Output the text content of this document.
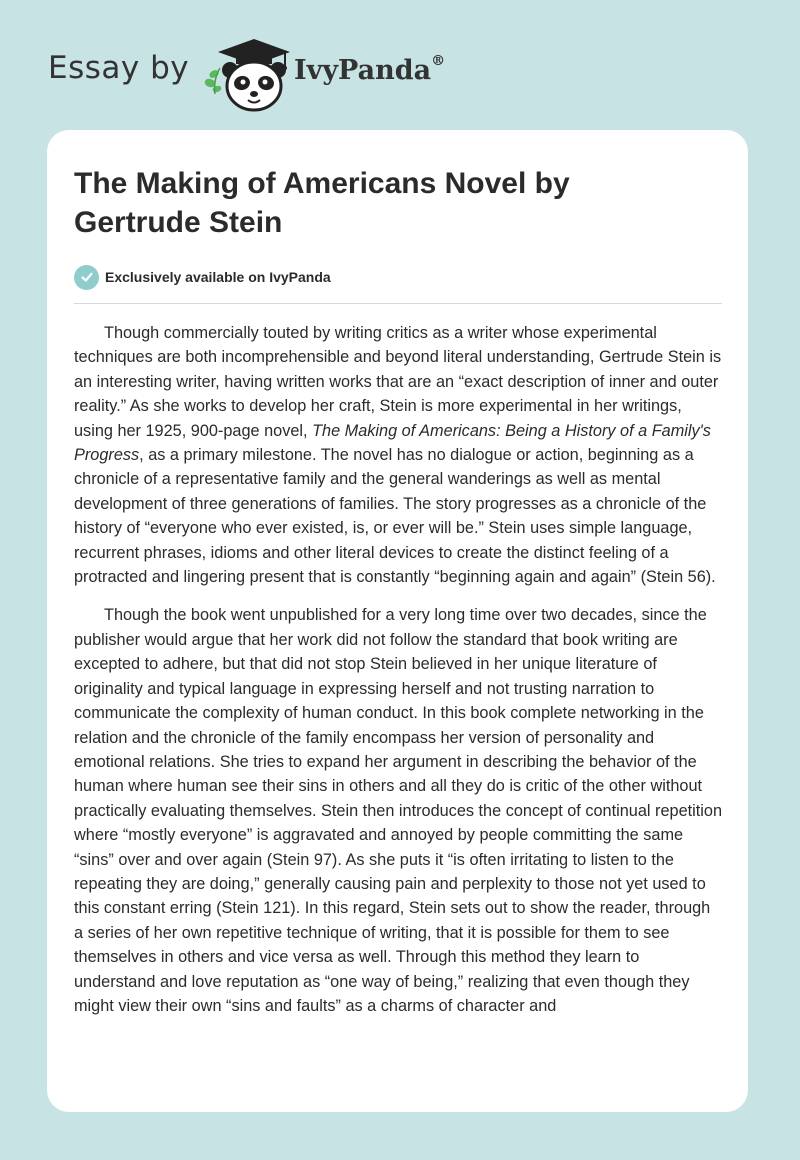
Essay by	IvyPanda®
The Making of Americans Novel by Gertrude Stein
Exclusively available on IvyPanda

Though commercially touted by writing critics as a writer whose experimental techniques are both incomprehensible and beyond literal understanding, Gertrude Stein is an interesting writer, having written works that are an “exact description of inner and outer reality.” As she works to develop her craft, Stein is more experimental in her writings, using her 1925, 900-page novel, The Making of Americans: Being a History of a Family's Progress, as a primary milestone. The novel has no dialogue or action, beginning as a chronicle of a representative family and the general wanderings as well as mental development of three generations of families. The story progresses as a chronicle of the history of “everyone who ever existed, is, or ever will be.” Stein uses simple language, recurrent phrases, idioms and other literal devices to create the distinct feeling of a protracted and lingering present that is constantly “beginning again and again” (Stein 56).

Though the book went unpublished for a very long time over two decades, since the publisher would argue that her work did not follow the standard that book writing are excepted to adhere, but that did not stop Stein believed in her unique literature of originality and typical language in expressing herself and not trusting narration to communicate the complexity of human conduct. In this book complete networking in the relation and the chronicle of the family encompass her version of personality and emotional relations. She tries to expand her argument in describing the behavior of the human where human see their sins in others and all they do is critic of the other without practically evaluating themselves. Stein then introduces the concept of continual repetition where “mostly everyone” is aggravated and annoyed by people committing the same “sins” over and over again (Stein 97). As she puts it “is often irritating to listen to the repeating they are doing,” generally causing pain and perplexity to those not yet used to this constant erring (Stein 121). In this regard, Stein sets out to show the reader, through a series of her own repetitive technique of writing, that it is possible for them to see themselves in others and vice versa as well. Through this method they learn to understand and love reputation as “one way of being,” realizing that even though they might view their own “sins and faults” as a charms of character and
